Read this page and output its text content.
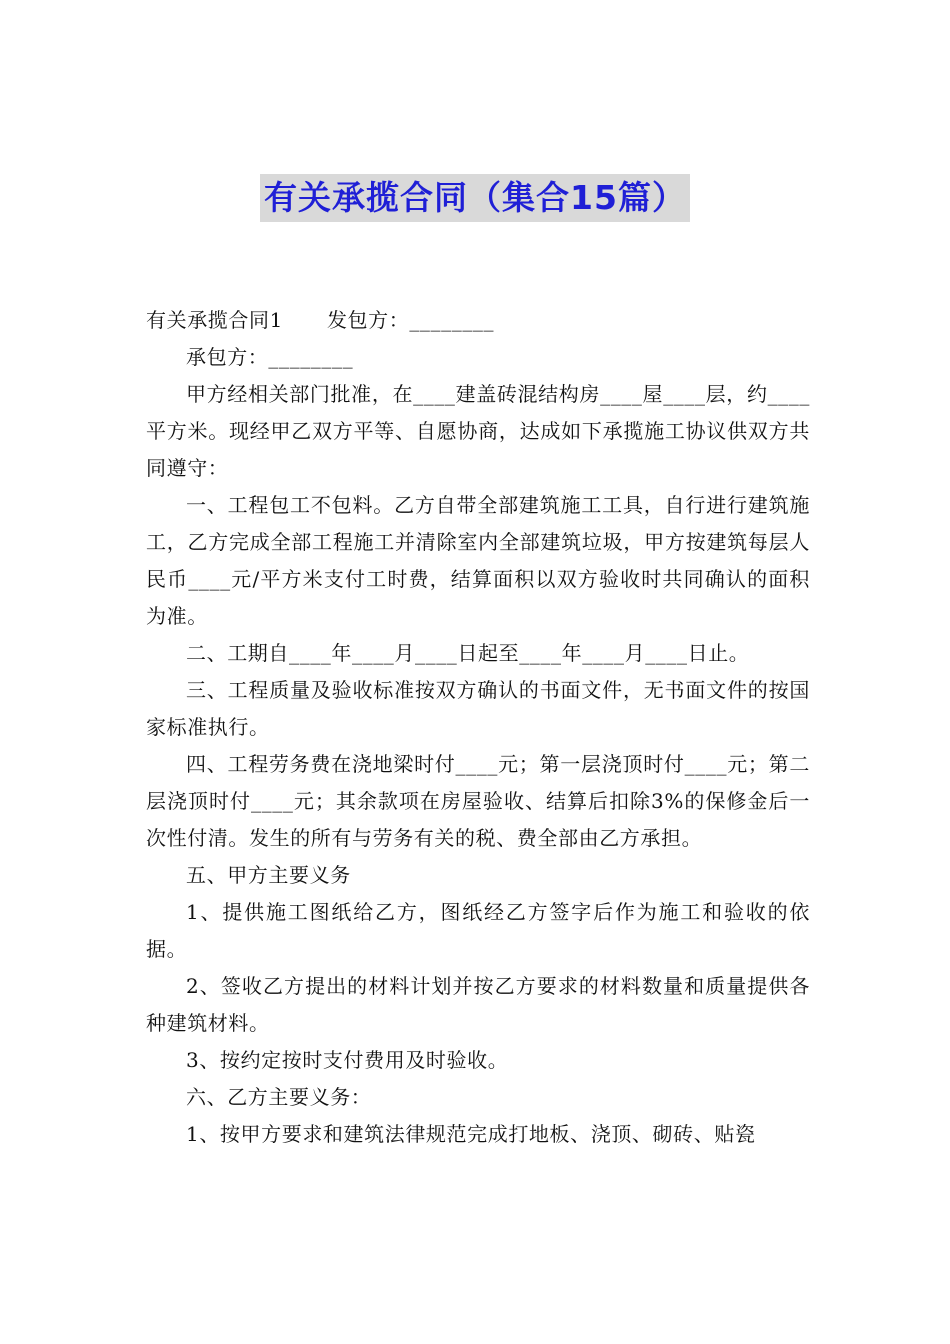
有关承揽合同（集合15篇）

有关承揽合同1 发包方：________

承包方：________

甲方经相关部门批准，在____建盖砖混结构房____屋____层，约____平方米。现经甲乙双方平等、自愿协商，达成如下承揽施工协议供双方共同遵守：

一、工程包工不包料。乙方自带全部建筑施工工具，自行进行建筑施工，乙方完成全部工程施工并清除室内全部建筑垃圾，甲方按建筑每层人民币____元/平方米支付工时费，结算面积以双方验收时共同确认的面积为准。

二、工期自____年____月____日起至____年____月____日止。

三、工程质量及验收标准按双方确认的书面文件，无书面文件的按国家标准执行。

四、工程劳务费在浇地梁时付____元；第一层浇顶时付____元；第二层浇顶时付____元；其余款项在房屋验收、结算后扣除3%的保修金后一次性付清。发生的所有与劳务有关的税、费全部由乙方承担。

五、甲方主要义务

1、提供施工图纸给乙方，图纸经乙方签字后作为施工和验收的依据。

2、签收乙方提出的材料计划并按乙方要求的材料数量和质量提供各种建筑材料。

3、按约定按时支付费用及时验收。

六、乙方主要义务：

1、按甲方要求和建筑法律规范完成打地板、浇顶、砌砖、贴瓷
